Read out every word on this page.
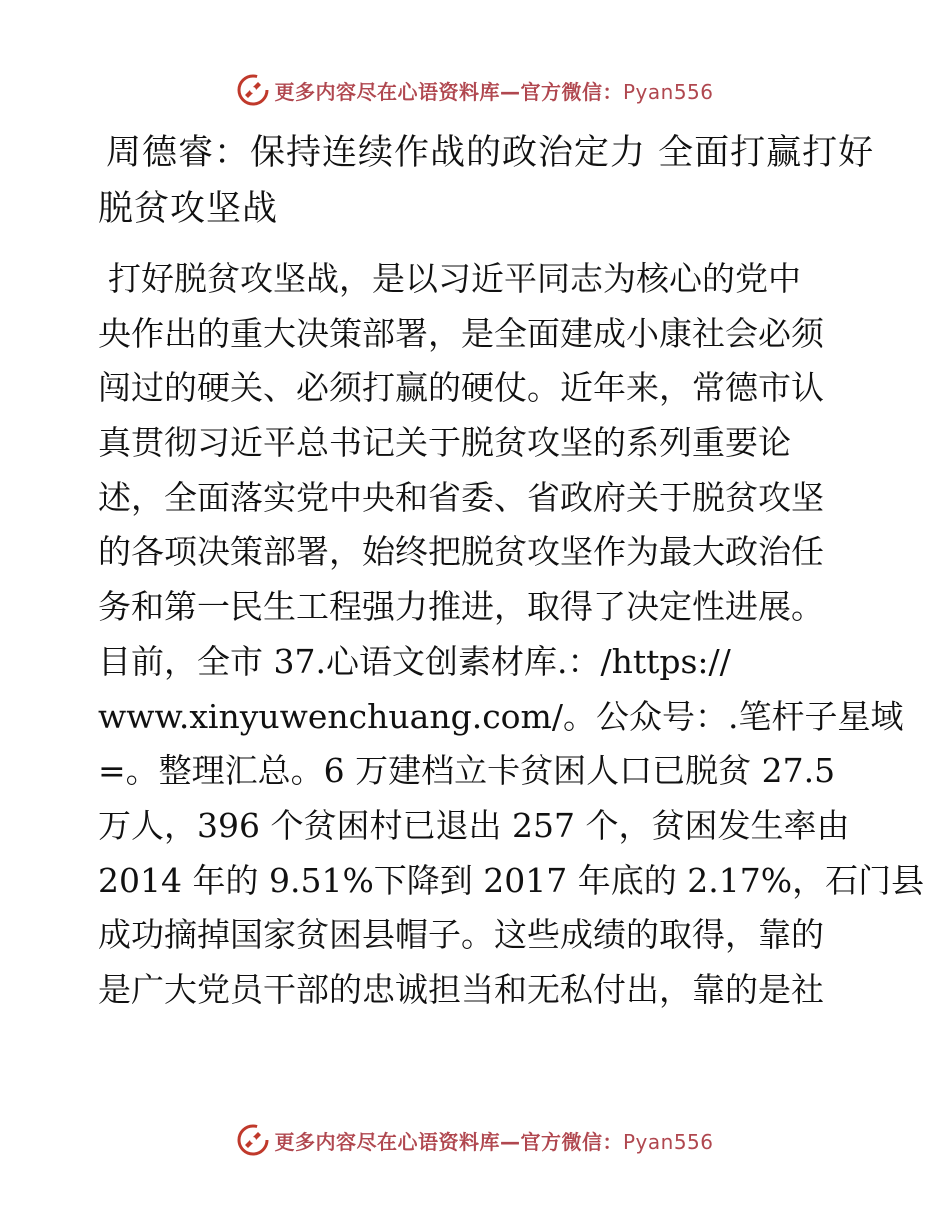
更多内容尽在心语资料库—官方微信：Pyan556
周德睿：保持连续作战的政治定力 全面打赢打好
脱贫攻坚战
打好脱贫攻坚战，是以习近平同志为核心的党中
央作出的重大决策部署，是全面建成小康社会必须
闯过的硬关、必须打赢的硬仗。近年来，常德市认
真贯彻习近平总书记关于脱贫攻坚的系列重要论
述，全面落实党中央和省委、省政府关于脱贫攻坚
的各项决策部署，始终把脱贫攻坚作为最大政治任
务和第一民生工程强力推进，取得了决定性进展。
目前，全市 37.心语文创素材库.：/https://
www.xinyuwenchuang.com/。公众号：.笔杆子星域
=。整理汇总。6 万建档立卡贫困人口已脱贫 27.5
万人，396 个贫困村已退出 257 个，贫困发生率由
2014 年的 9.51%下降到 2017 年底的 2.17%，石门县
成功摘掉国家贫困县帽子。这些成绩的取得，靠的
是广大党员干部的忠诚担当和无私付出，靠的是社
更多内容尽在心语资料库—官方微信：Pyan556
